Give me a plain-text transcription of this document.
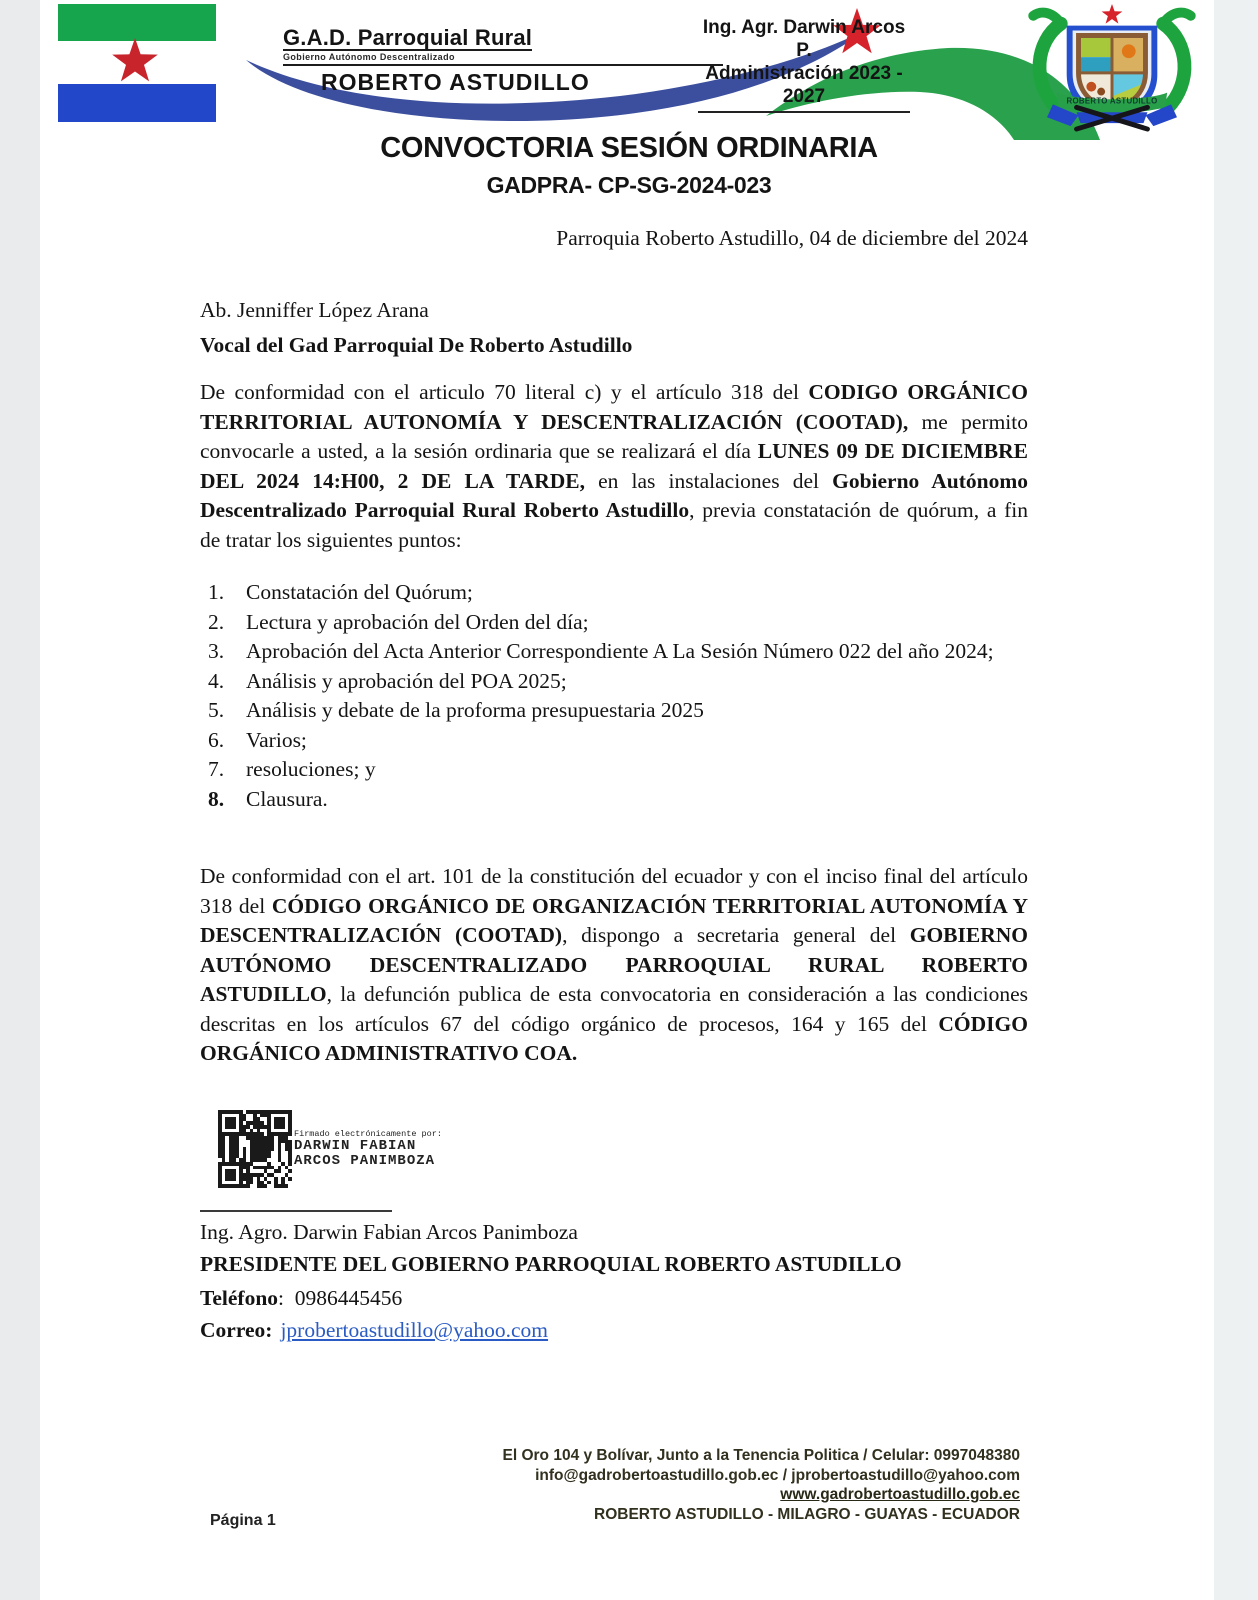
G.A.D. Parroquial Rural
Gobierno Autónomo Descentralizado
ROBERTO ASTUDILLO
Ing. Agr. Darwin Arcos P.
Administración 2023 - 2027	ROBERTO ASTUDILLO
CONVOCTORIA SESIÓN ORDINARIA
GADPRA- CP-SG-2024-023
Parroquia Roberto Astudillo, 04 de diciembre del 2024
Ab. Jenniffer López Arana
Vocal del Gad Parroquial De Roberto Astudillo

De conformidad con el articulo 70 literal c) y el artículo 318 del CODIGO ORGÁNICO TERRITORIAL AUTONOMÍA Y DESCENTRALIZACIÓN (COOTAD), me permito convocarle a usted, a la sesión ordinaria que se realizará el día LUNES 09 DE DICIEMBRE DEL 2024 14:H00, 2 DE LA TARDE, en las instalaciones del Gobierno Autónomo Descentralizado Parroquial Rural Roberto Astudillo, previa constatación de quórum, a fin de tratar los siguientes puntos:

1.	Constatación del Quórum;
2.	Lectura y aprobación del Orden del día;
3.	Aprobación del Acta Anterior Correspondiente A La Sesión Número 022 del año 2024;
4.	Análisis y aprobación del POA 2025;
5.	Análisis y debate de la proforma presupuestaria 2025
6.	Varios;
7.	resoluciones; y
8.	Clausura.

De conformidad con el art. 101 de la constitución del ecuador y con el inciso final del artículo 318 del CÓDIGO ORGÁNICO DE ORGANIZACIÓN TERRITORIAL AUTONOMÍA Y DESCENTRALIZACIÓN (COOTAD), dispongo a secretaria general del GOBIERNO AUTÓNOMO DESCENTRALIZADO PARROQUIAL RURAL ROBERTO ASTUDILLO, la defunción publica de esta convocatoria en consideración a las condiciones descritas en los artículos 67 del código orgánico de procesos, 164 y 165 del CÓDIGO ORGÁNICO ADMINISTRATIVO COA.

Firmado electrónicamente por:
DARWIN FABIAN
ARCOS PANIMBOZA
Ing. Agro. Darwin Fabian Arcos Panimboza
PRESIDENTE DEL GOBIERNO PARROQUIAL ROBERTO ASTUDILLO
Teléfono:  0986445456
Correo: jprobertoastudillo@yahoo.com
El Oro 104 y Bolívar, Junto a la Tenencia Politica / Celular: 0997048380
info@gadrobertoastudillo.gob.ec / jprobertoastudillo@yahoo.com
www.gadrobertoastudillo.gob.ec
ROBERTO ASTUDILLO - MILAGRO - GUAYAS - ECUADOR
Página 1
